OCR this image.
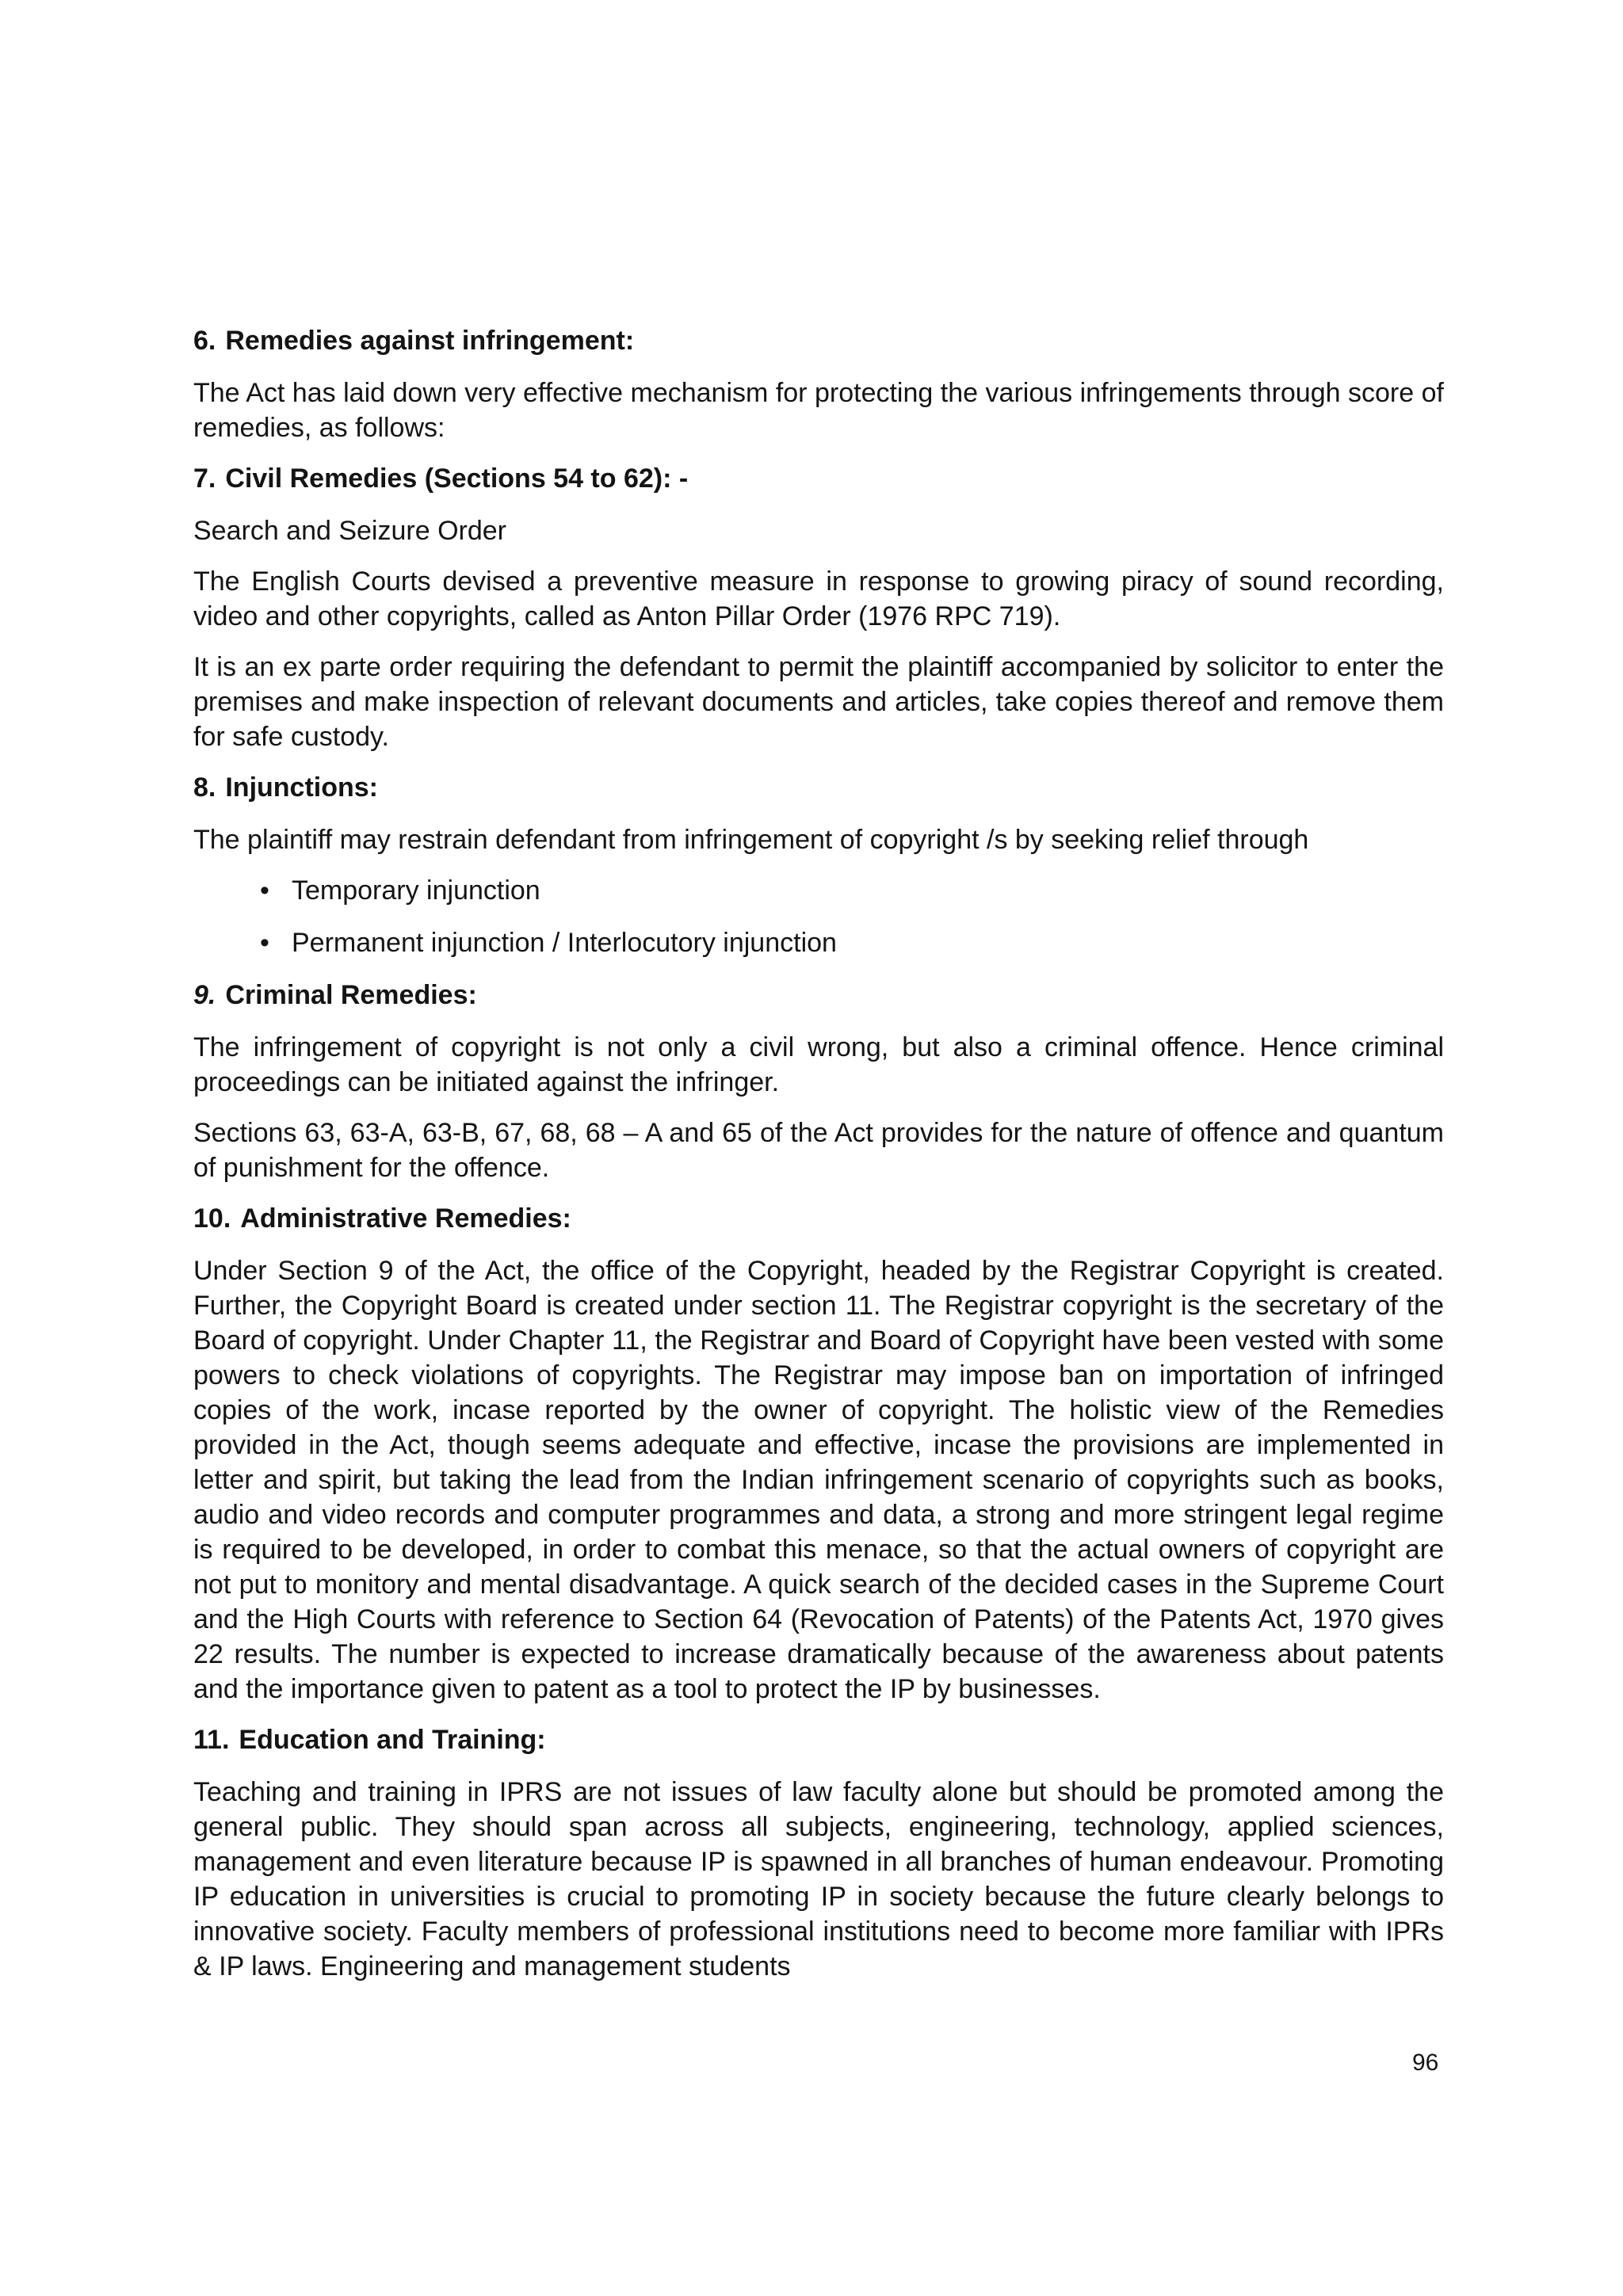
6. Remedies against infringement:

The Act has laid down very effective mechanism for protecting the various infringements through score of remedies, as follows:

7. Civil Remedies (Sections 54 to 62): -

Search and Seizure Order

The English Courts devised a preventive measure in response to growing piracy of sound recording, video and other copyrights, called as Anton Pillar Order (1976 RPC 719).

It is an ex parte order requiring the defendant to permit the plaintiff accompanied by solicitor to enter the premises and make inspection of relevant documents and articles, take copies thereof and remove them for safe custody.

8. Injunctions:

The plaintiff may restrain defendant from infringement of copyright /s by seeking relief through

• Temporary injunction
• Permanent injunction / Interlocutory injunction
9. Criminal Remedies:

The infringement of copyright is not only a civil wrong, but also a criminal offence. Hence criminal proceedings can be initiated against the infringer.

Sections 63, 63-A, 63-B, 67, 68, 68 – A and 65 of the Act provides for the nature of offence and quantum of punishment for the offence.

10. Administrative Remedies:

Under Section 9 of the Act, the office of the Copyright, headed by the Registrar Copyright is created. Further, the Copyright Board is created under section 11. The Registrar copyright is the secretary of the Board of copyright. Under Chapter 11, the Registrar and Board of Copyright have been vested with some powers to check violations of copyrights. The Registrar may impose ban on importation of infringed copies of the work, incase reported by the owner of copyright. The holistic view of the Remedies provided in the Act, though seems adequate and effective, incase the provisions are implemented in letter and spirit, but taking the lead from the Indian infringement scenario of copyrights such as books, audio and video records and computer programmes and data, a strong and more stringent legal regime is required to be developed, in order to combat this menace, so that the actual owners of copyright are not put to monitory and mental disadvantage. A quick search of the decided cases in the Supreme Court and the High Courts with reference to Section 64 (Revocation of Patents) of the Patents Act, 1970 gives 22 results. The number is expected to increase dramatically because of the awareness about patents and the importance given to patent as a tool to protect the IP by businesses.

11. Education and Training:

Teaching and training in IPRS are not issues of law faculty alone but should be promoted among the general public. They should span across all subjects, engineering, technology, applied sciences, management and even literature because IP is spawned in all branches of human endeavour. Promoting IP education in universities is crucial to promoting IP in society because the future clearly belongs to innovative society. Faculty members of professional institutions need to become more familiar with IPRs & IP laws. Engineering and management students

96
